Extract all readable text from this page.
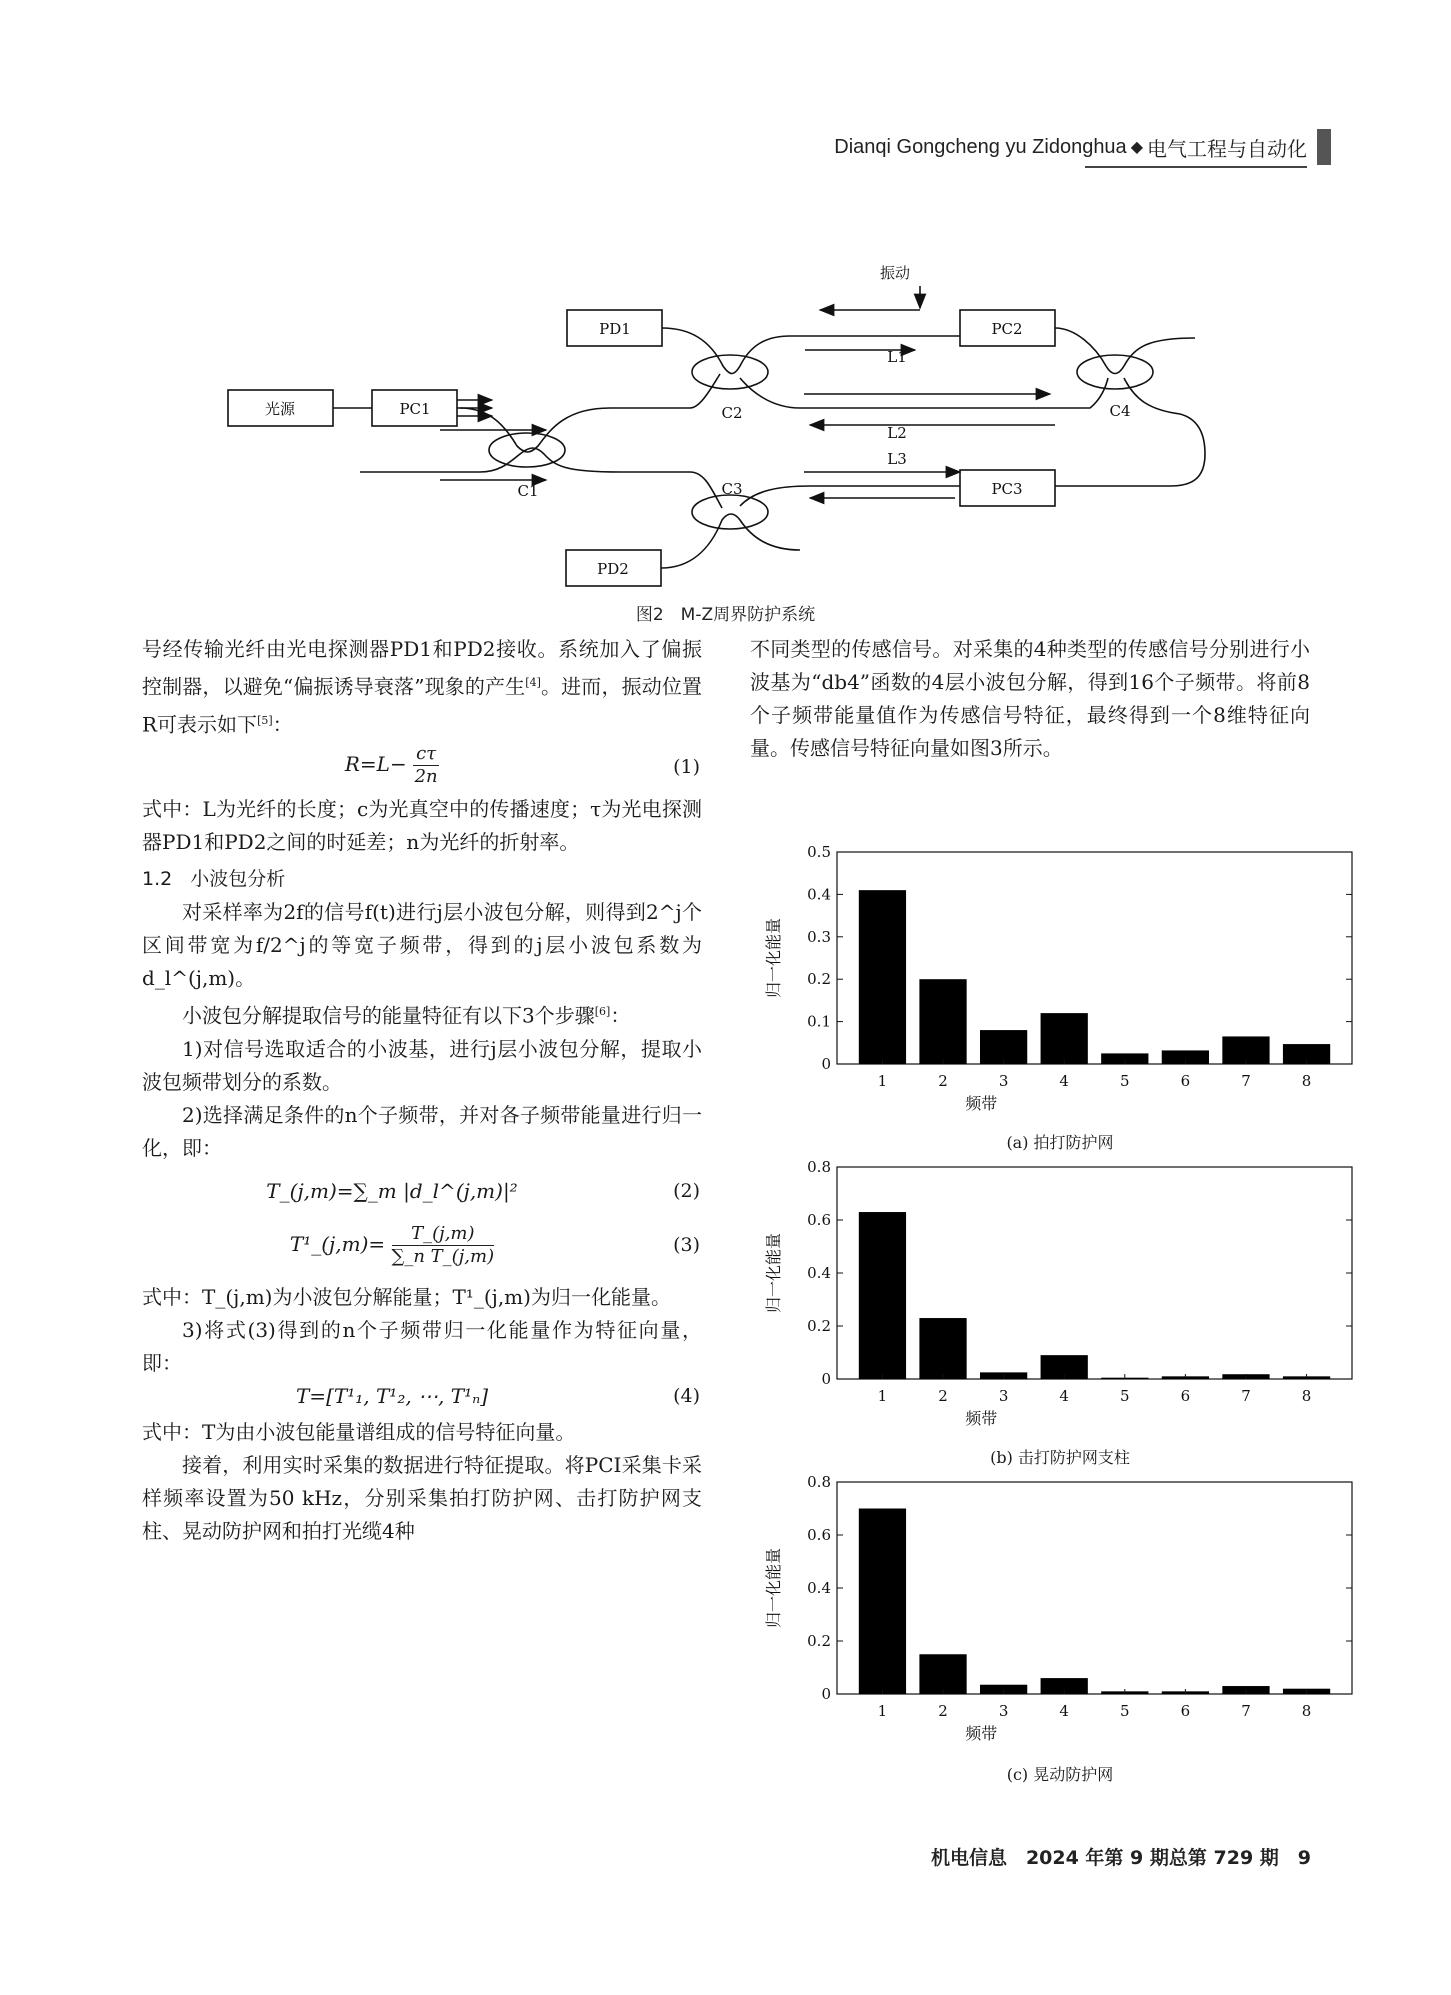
Dianqi Gongcheng yu Zidonghua ◆ 电气工程与自动化
光源	PC1
PD1	PC2
PC3
PD2
C1
C2
C3
C4
L1
L2
L3
振动
图2　M-Z周界防护系统

号经传输光纤由光电探测器PD1和PD2接收。系统加入了偏振控制器，以避免“偏振诱导衰落”现象的产生[4]。进而，振动位置R可表示如下[5]：

$R=L- \frac{c\tau}{2n}$	(1)

式中：L为光纤的长度；c为光真空中的传播速度；τ为光电探测器PD1和PD2之间的时延差；n为光纤的折射率。

1.2 小波包分析

对采样率为2f的信号f(t)进行j层小波包分解，则得到2^j个区间带宽为f/2^j的等宽子频带，得到的j层小波包系数为d_l^(j,m)。

小波包分解提取信号的能量特征有以下3个步骤[6]：

1)对信号选取适合的小波基，进行j层小波包分解，提取小波包频带划分的系数。

2)选择满足条件的n个子频带，并对各子频带能量进行归一化，即：

T_(j,m)=∑_m |d_l^(j,m)|²	(2)
T¹_(j,m)= $\frac{T\_(j,m)}{\text{∑\_n T\_(j,m)}}$	(3)

式中：T_(j,m)为小波包分解能量；T¹_(j,m)为归一化能量。

3)将式(3)得到的n个子频带归一化能量作为特征向量，即：

T=[T¹₁, T¹₂, ⋯, T¹ₙ]	(4)

式中：T为由小波包能量谱组成的信号特征向量。

接着，利用实时采集的数据进行特征提取。将PCI采集卡采样频率设置为50 kHz，分别采集拍打防护网、击打防护网支柱、晃动防护网和拍打光缆4种

不同类型的传感信号。对采集的4种类型的传感信号分别进行小波基为“db4”函数的4层小波包分解，得到16个子频带。将前8个子频带能量值作为传感信号特征，最终得到一个8维特征向量。传感信号特征向量如图3所示。

0
0.1
0.2
0.3
0.4
0.5
1	2	3	4	5	6	7	8
频带
归一化能量
(a) 拍打防护网
0
0.2
0.4
0.6
0.8
1	2	3	4	5	6	7	8
频带
归一化能量
(b) 击打防护网支柱
0
0.2
0.4
0.6
0.8
1	2	3	4	5	6	7	8
频带
归一化能量
(c) 晃动防护网
机电信息　2024 年第 9 期总第 729 期　9
